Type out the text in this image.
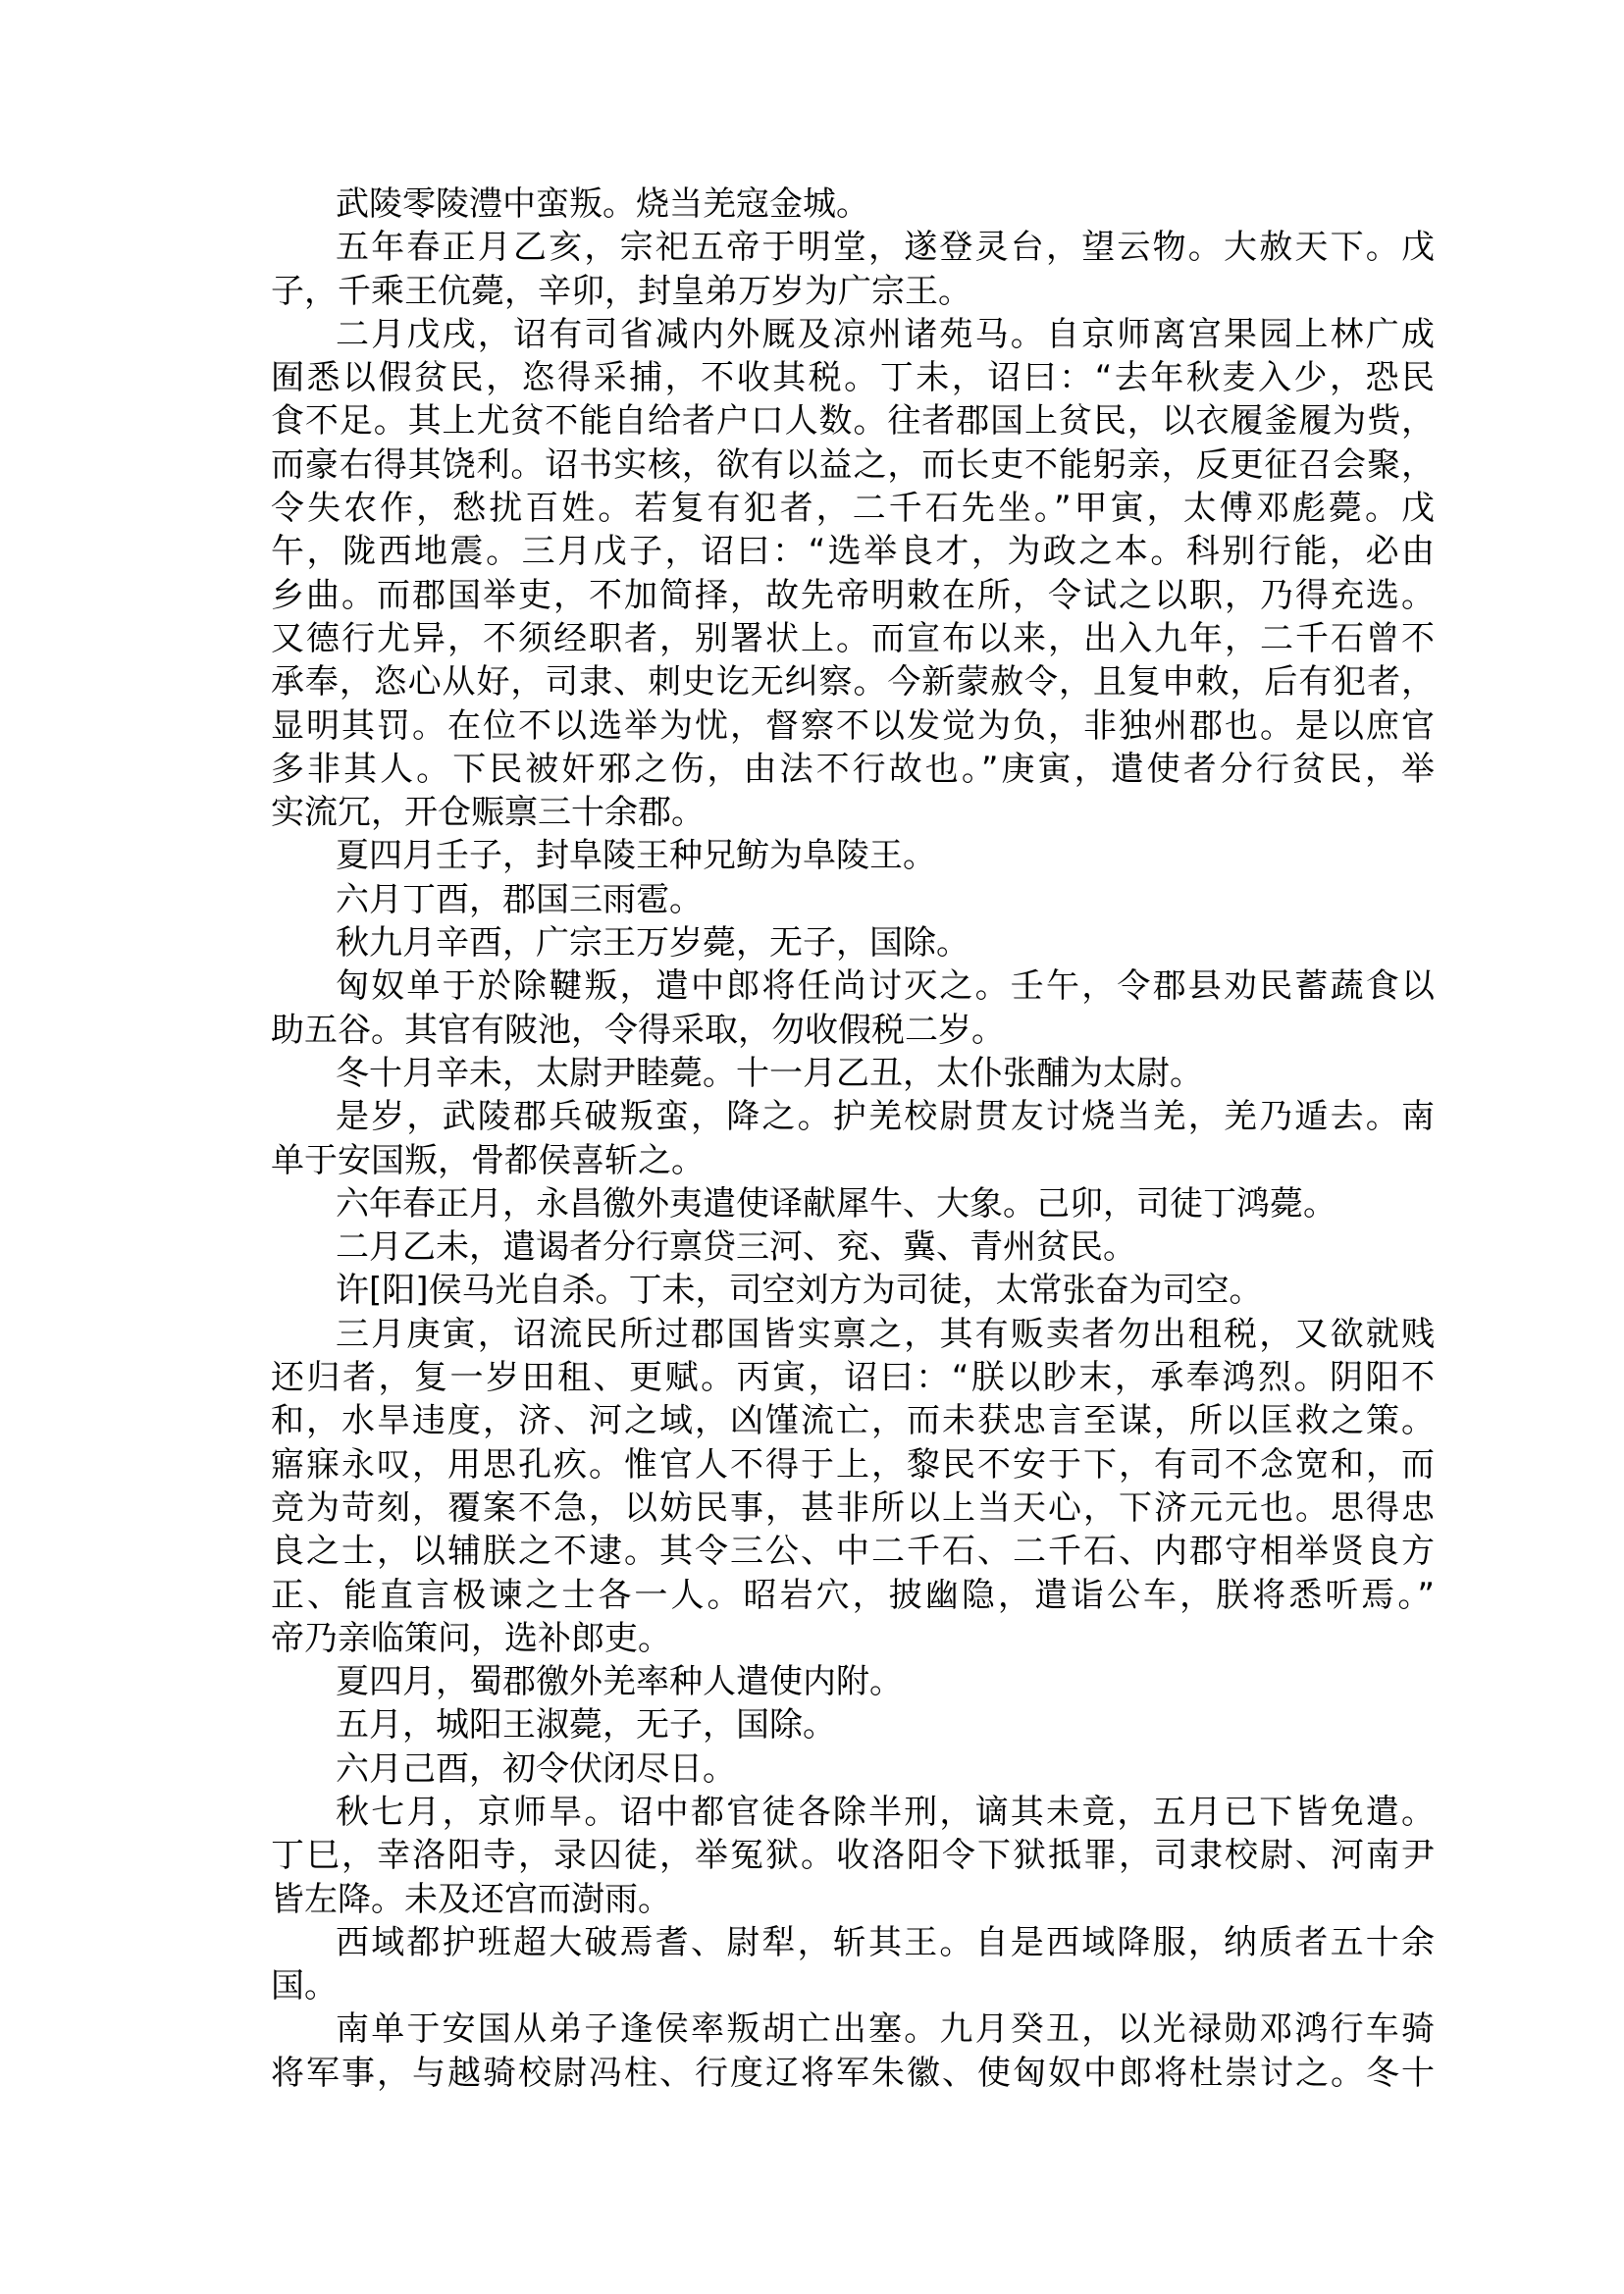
武陵零陵澧中蛮叛。烧当羌寇金城。
五年春正月乙亥，宗祀五帝于明堂，遂登灵台，望云物。大赦天下。戊
子，千乘王伉薨，辛卯，封皇弟万岁为广宗王。
二月戊戌，诏有司省减内外厩及凉州诸苑马。自京师离宫果园上林广成
囿悉以假贫民，恣得采捕，不收其税。丁未，诏曰：“去年秋麦入少，恐民
食不足。其上尤贫不能自给者户口人数。往者郡国上贫民，以衣履釜履为赀，
而豪右得其饶利。诏书实核，欲有以益之，而长吏不能躬亲，反更征召会聚，
令失农作，愁扰百姓。若复有犯者，二千石先坐。”甲寅，太傅邓彪薨。戊
午，陇西地震。三月戊子，诏曰：“选举良才，为政之本。科别行能，必由
乡曲。而郡国举吏，不加简择，故先帝明敕在所，令试之以职，乃得充选。
又德行尤异，不须经职者，别署状上。而宣布以来，出入九年，二千石曾不
承奉，恣心从好，司隶、刺史讫无纠察。今新蒙赦令，且复申敕，后有犯者，
显明其罚。在位不以选举为忧，督察不以发觉为负，非独州郡也。是以庶官
多非其人。下民被奸邪之伤，由法不行故也。”庚寅，遣使者分行贫民，举
实流冗，开仓赈禀三十余郡。
夏四月壬子，封阜陵王种兄鲂为阜陵王。
六月丁酉，郡国三雨雹。
秋九月辛酉，广宗王万岁薨，无子，国除。
匈奴单于於除鞬叛，遣中郎将任尚讨灭之。壬午，令郡县劝民蓄蔬食以
助五谷。其官有陂池，令得采取，勿收假税二岁。
冬十月辛未，太尉尹睦薨。十一月乙丑，太仆张酺为太尉。
是岁，武陵郡兵破叛蛮，降之。护羌校尉贯友讨烧当羌，羌乃遁去。南
单于安国叛，骨都侯喜斩之。
六年春正月，永昌徼外夷遣使译献犀牛、大象。己卯，司徒丁鸿薨。
二月乙未，遣谒者分行禀贷三河、兖、冀、青州贫民。
许[阳]侯马光自杀。丁未，司空刘方为司徒，太常张奋为司空。
三月庚寅，诏流民所过郡国皆实禀之，其有贩卖者勿出租税，又欲就贱
还归者，复一岁田租、更赋。丙寅，诏曰：“朕以眇末，承奉鸿烈。阴阳不
和，水旱违度，济、河之域，凶馑流亡，而未获忠言至谋，所以匡救之策。
寤寐永叹，用思孔疚。惟官人不得于上，黎民不安于下，有司不念宽和，而
竞为苛刻，覆案不急，以妨民事，甚非所以上当天心，下济元元也。思得忠
良之士，以辅朕之不逮。其令三公、中二千石、二千石、内郡守相举贤良方
正、能直言极谏之士各一人。昭岩穴，披幽隐，遣诣公车，朕将悉听焉。”
帝乃亲临策问，选补郎吏。
夏四月，蜀郡徼外羌率种人遣使内附。
五月，城阳王淑薨，无子，国除。
六月己酉，初令伏闭尽日。
秋七月，京师旱。诏中都官徒各除半刑，谪其未竟，五月已下皆免遣。
丁巳，幸洛阳寺，录囚徒，举冤狱。收洛阳令下狱抵罪，司隶校尉、河南尹
皆左降。未及还宫而澍雨。
西域都护班超大破焉耆、尉犁，斩其王。自是西域降服，纳质者五十余
国。
南单于安国从弟子逢侯率叛胡亡出塞。九月癸丑，以光禄勋邓鸿行车骑
将军事，与越骑校尉冯柱、行度辽将军朱徽、使匈奴中郎将杜崇讨之。冬十
